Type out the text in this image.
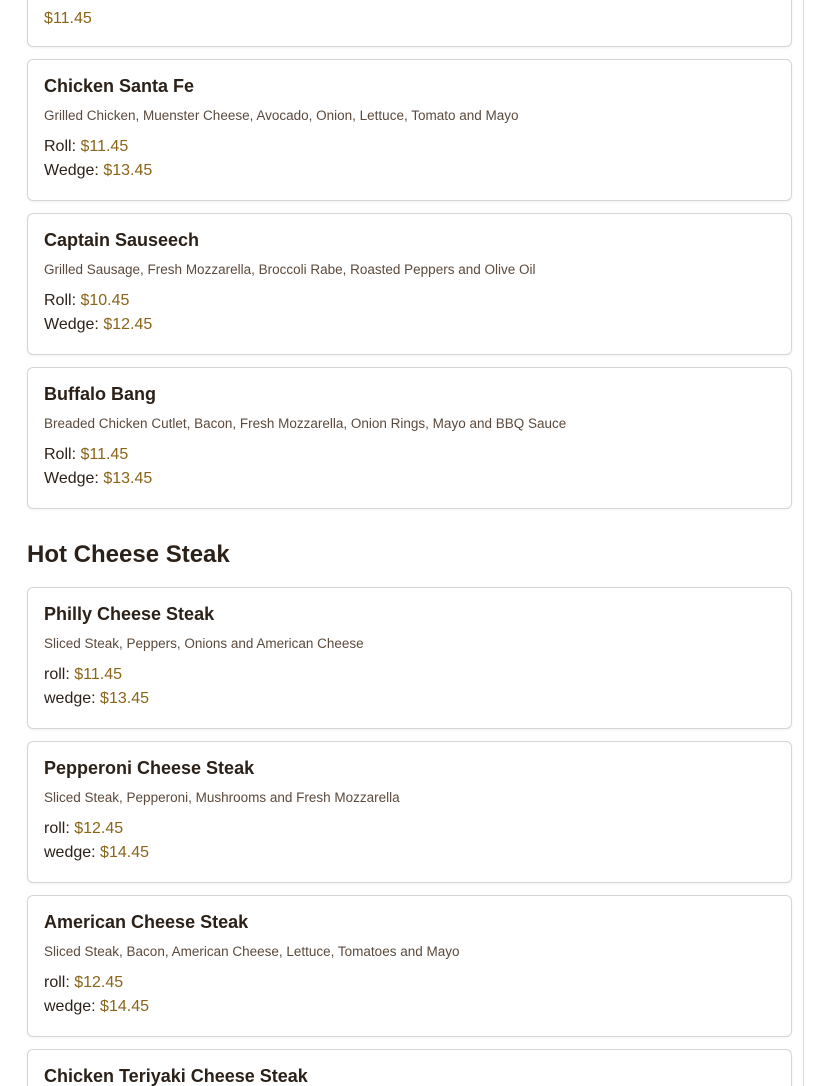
$11.45
Chicken Santa Fe
Grilled Chicken, Muenster Cheese, Avocado, Onion, Lettuce, Tomato and Mayo
Roll: $11.45
Wedge: $13.45
Captain Sauseech
Grilled Sausage, Fresh Mozzarella, Broccoli Rabe, Roasted Peppers and Olive Oil
Roll: $10.45
Wedge: $12.45
Buffalo Bang
Breaded Chicken Cutlet, Bacon, Fresh Mozzarella, Onion Rings, Mayo and BBQ Sauce
Roll: $11.45
Wedge: $13.45
Hot Cheese Steak
Philly Cheese Steak
Sliced Steak, Peppers, Onions and American Cheese
roll: $11.45
wedge: $13.45
Pepperoni Cheese Steak
Sliced Steak, Pepperoni, Mushrooms and Fresh Mozzarella
roll: $12.45
wedge: $14.45
American Cheese Steak
Sliced Steak, Bacon, American Cheese, Lettuce, Tomatoes and Mayo
roll: $12.45
wedge: $14.45
Chicken Teriyaki Cheese Steak
